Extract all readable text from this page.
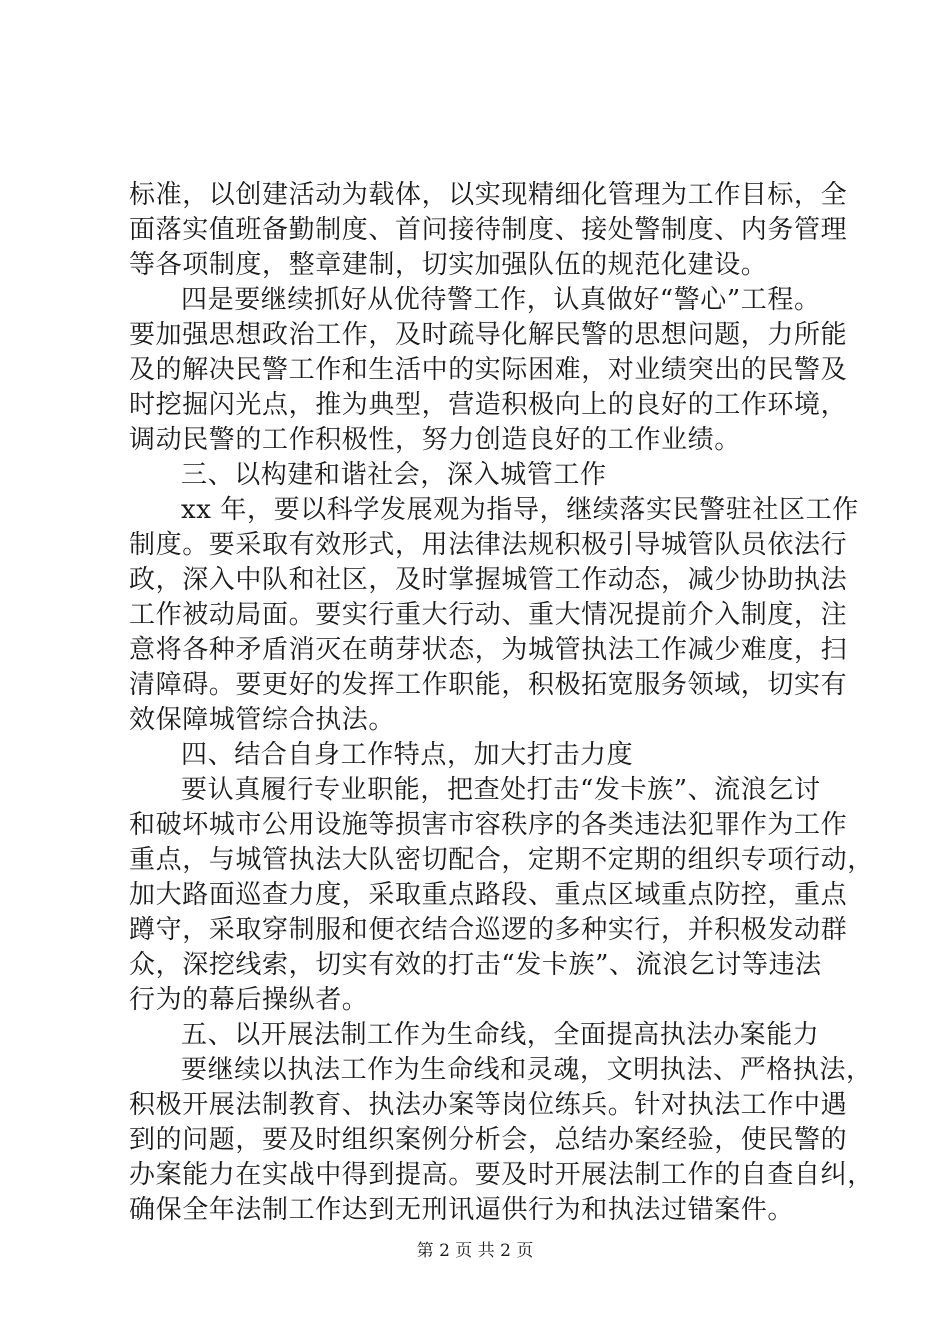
标准，以创建活动为载体，以实现精细化管理为工作目标，全
面落实值班备勤制度、首问接待制度、接处警制度、内务管理
等各项制度，整章建制，切实加强队伍的规范化建设。
四是要继续抓好从优待警工作，认真做好“警心”工程。
要加强思想政治工作，及时疏导化解民警的思想问题，力所能
及的解决民警工作和生活中的实际困难，对业绩突出的民警及
时挖掘闪光点，推为典型，营造积极向上的良好的工作环境，
调动民警的工作积极性，努力创造良好的工作业绩。
三、以构建和谐社会，深入城管工作
xx 年，要以科学发展观为指导，继续落实民警驻社区工作
制度。要采取有效形式，用法律法规积极引导城管队员依法行
政，深入中队和社区，及时掌握城管工作动态，减少协助执法
工作被动局面。要实行重大行动、重大情况提前介入制度，注
意将各种矛盾消灭在萌芽状态，为城管执法工作减少难度，扫
清障碍。要更好的发挥工作职能，积极拓宽服务领域，切实有
效保障城管综合执法。
四、结合自身工作特点，加大打击力度
要认真履行专业职能，把查处打击“发卡族”、流浪乞讨
和破坏城市公用设施等损害市容秩序的各类违法犯罪作为工作
重点，与城管执法大队密切配合，定期不定期的组织专项行动，
加大路面巡查力度，采取重点路段、重点区域重点防控，重点
蹲守，采取穿制服和便衣结合巡逻的多种实行，并积极发动群
众，深挖线索，切实有效的打击“发卡族”、流浪乞讨等违法
行为的幕后操纵者。
五、以开展法制工作为生命线，全面提高执法办案能力
要继续以执法工作为生命线和灵魂，文明执法、严格执法，
积极开展法制教育、执法办案等岗位练兵。针对执法工作中遇
到的问题，要及时组织案例分析会，总结办案经验，使民警的
办案能力在实战中得到提高。要及时开展法制工作的自查自纠，
确保全年法制工作达到无刑讯逼供行为和执法过错案件。
第 2 页 共 2 页
